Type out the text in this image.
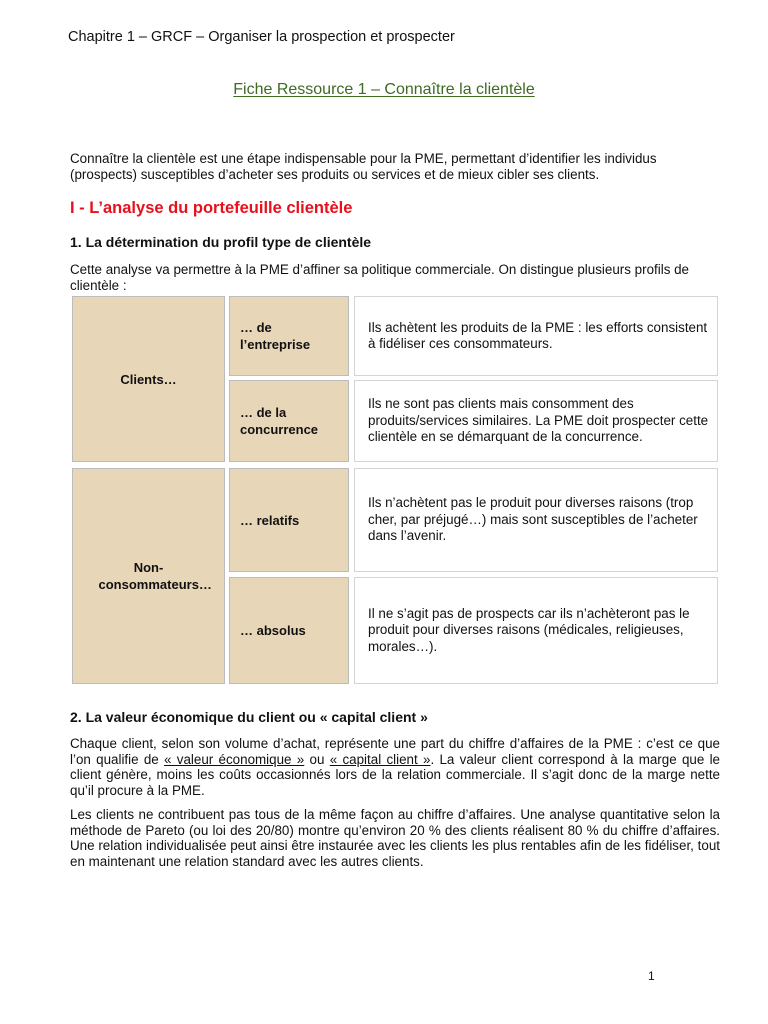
Chapitre 1 – GRCF – Organiser la prospection et prospecter
Fiche Ressource 1 – Connaître la clientèle

Connaître la clientèle est une étape indispensable pour la PME, permettant d’identifier les individus (prospects) susceptibles d’acheter ses produits ou services et de mieux cibler ses clients.

I - L’analyse du portefeuille clientèle
1. La détermination du profil type de clientèle

Cette analyse va permettre à la PME d’affiner sa politique commerciale. On distingue plusieurs profils de clientèle :

Clients…
Non-consommateurs…
… de l’entreprise
Ils achètent les produits de la PME : les efforts consistent à fidéliser ces consommateurs.
… de la concurrence
Ils ne sont pas clients mais consomment des produits/services similaires. La PME doit prospecter cette clientèle en se démarquant de la concurrence.
… relatifs
Ils n’achètent pas le produit pour diverses raisons (trop cher, par préjugé…) mais sont susceptibles de l’acheter dans l’avenir.
… absolus
Il ne s’agit pas de prospects car ils n’achèteront pas le produit pour diverses raisons (médicales, religieuses, morales…).
2. La valeur économique du client ou « capital client »

Chaque client, selon son volume d’achat, représente une part du chiffre d’affaires de la PME : c’est ce que l’on qualifie de « valeur économique » ou « capital client ». La valeur client correspond à la marge que le client génère, moins les coûts occasionnés lors de la relation commerciale. Il s’agit donc de la marge nette qu’il procure à la PME.

Les clients ne contribuent pas tous de la même façon au chiffre d’affaires. Une analyse quantitative selon la méthode de Pareto (ou loi des 20/80) montre qu’environ 20 % des clients réalisent 80 % du chiffre d’affaires. Une relation individualisée peut ainsi être instaurée avec les clients les plus rentables afin de les fidéliser, tout en maintenant une relation standard avec les autres clients.

1
